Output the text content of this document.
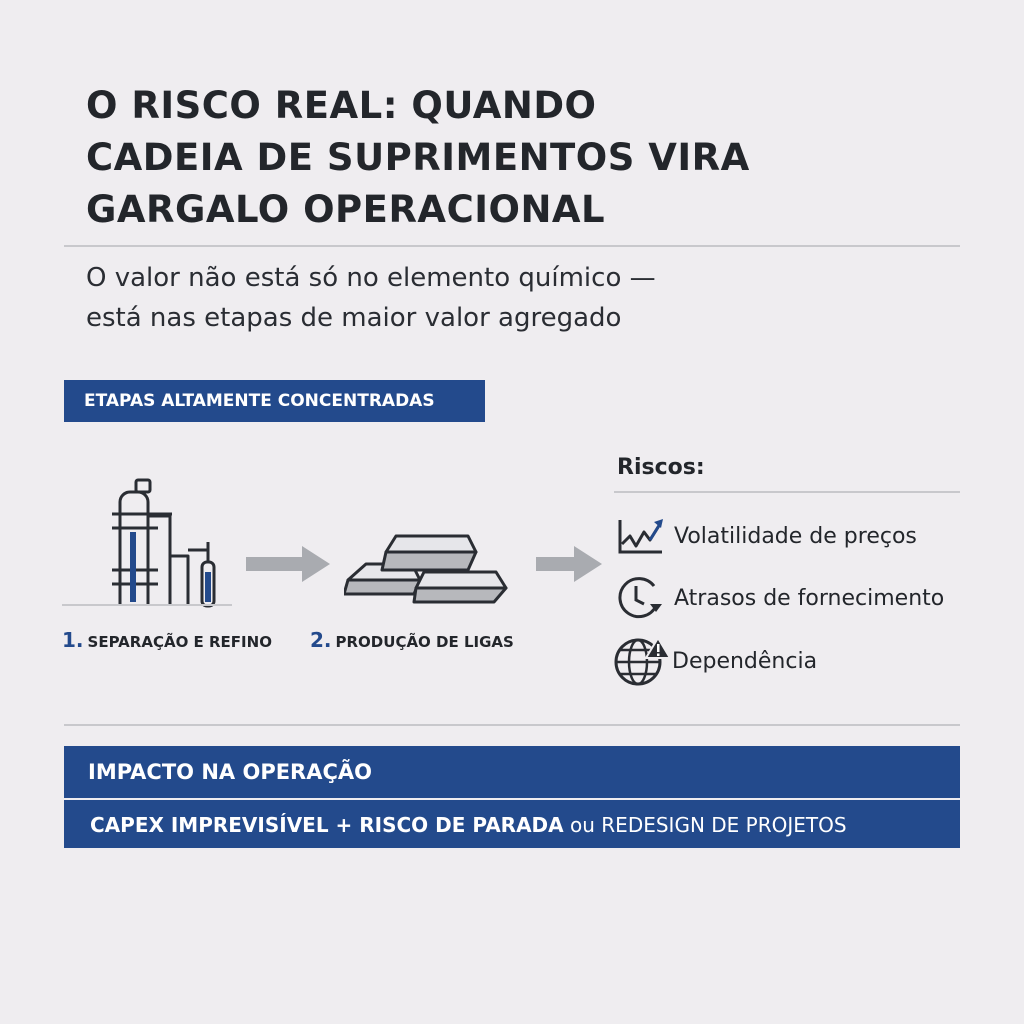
O RISCO REAL: QUANDO
CADEIA DE SUPRIMENTOS VIRA
GARGALO OPERACIONAL
O valor não está só no elemento químico —
está nas etapas de maior valor agregado
ETAPAS ALTAMENTE CONCENTRADAS
1. SEPARAÇÃO E REFINO 2. PRODUÇÃO DE LIGAS
Riscos:
Volatilidade de preços
Atrasos de fornecimento
Dependência
IMPACTO NA OPERAÇÃO
CAPEX IMPREVISÍVEL + RISCO DE PARADA ou REDESIGN DE PROJETOS
